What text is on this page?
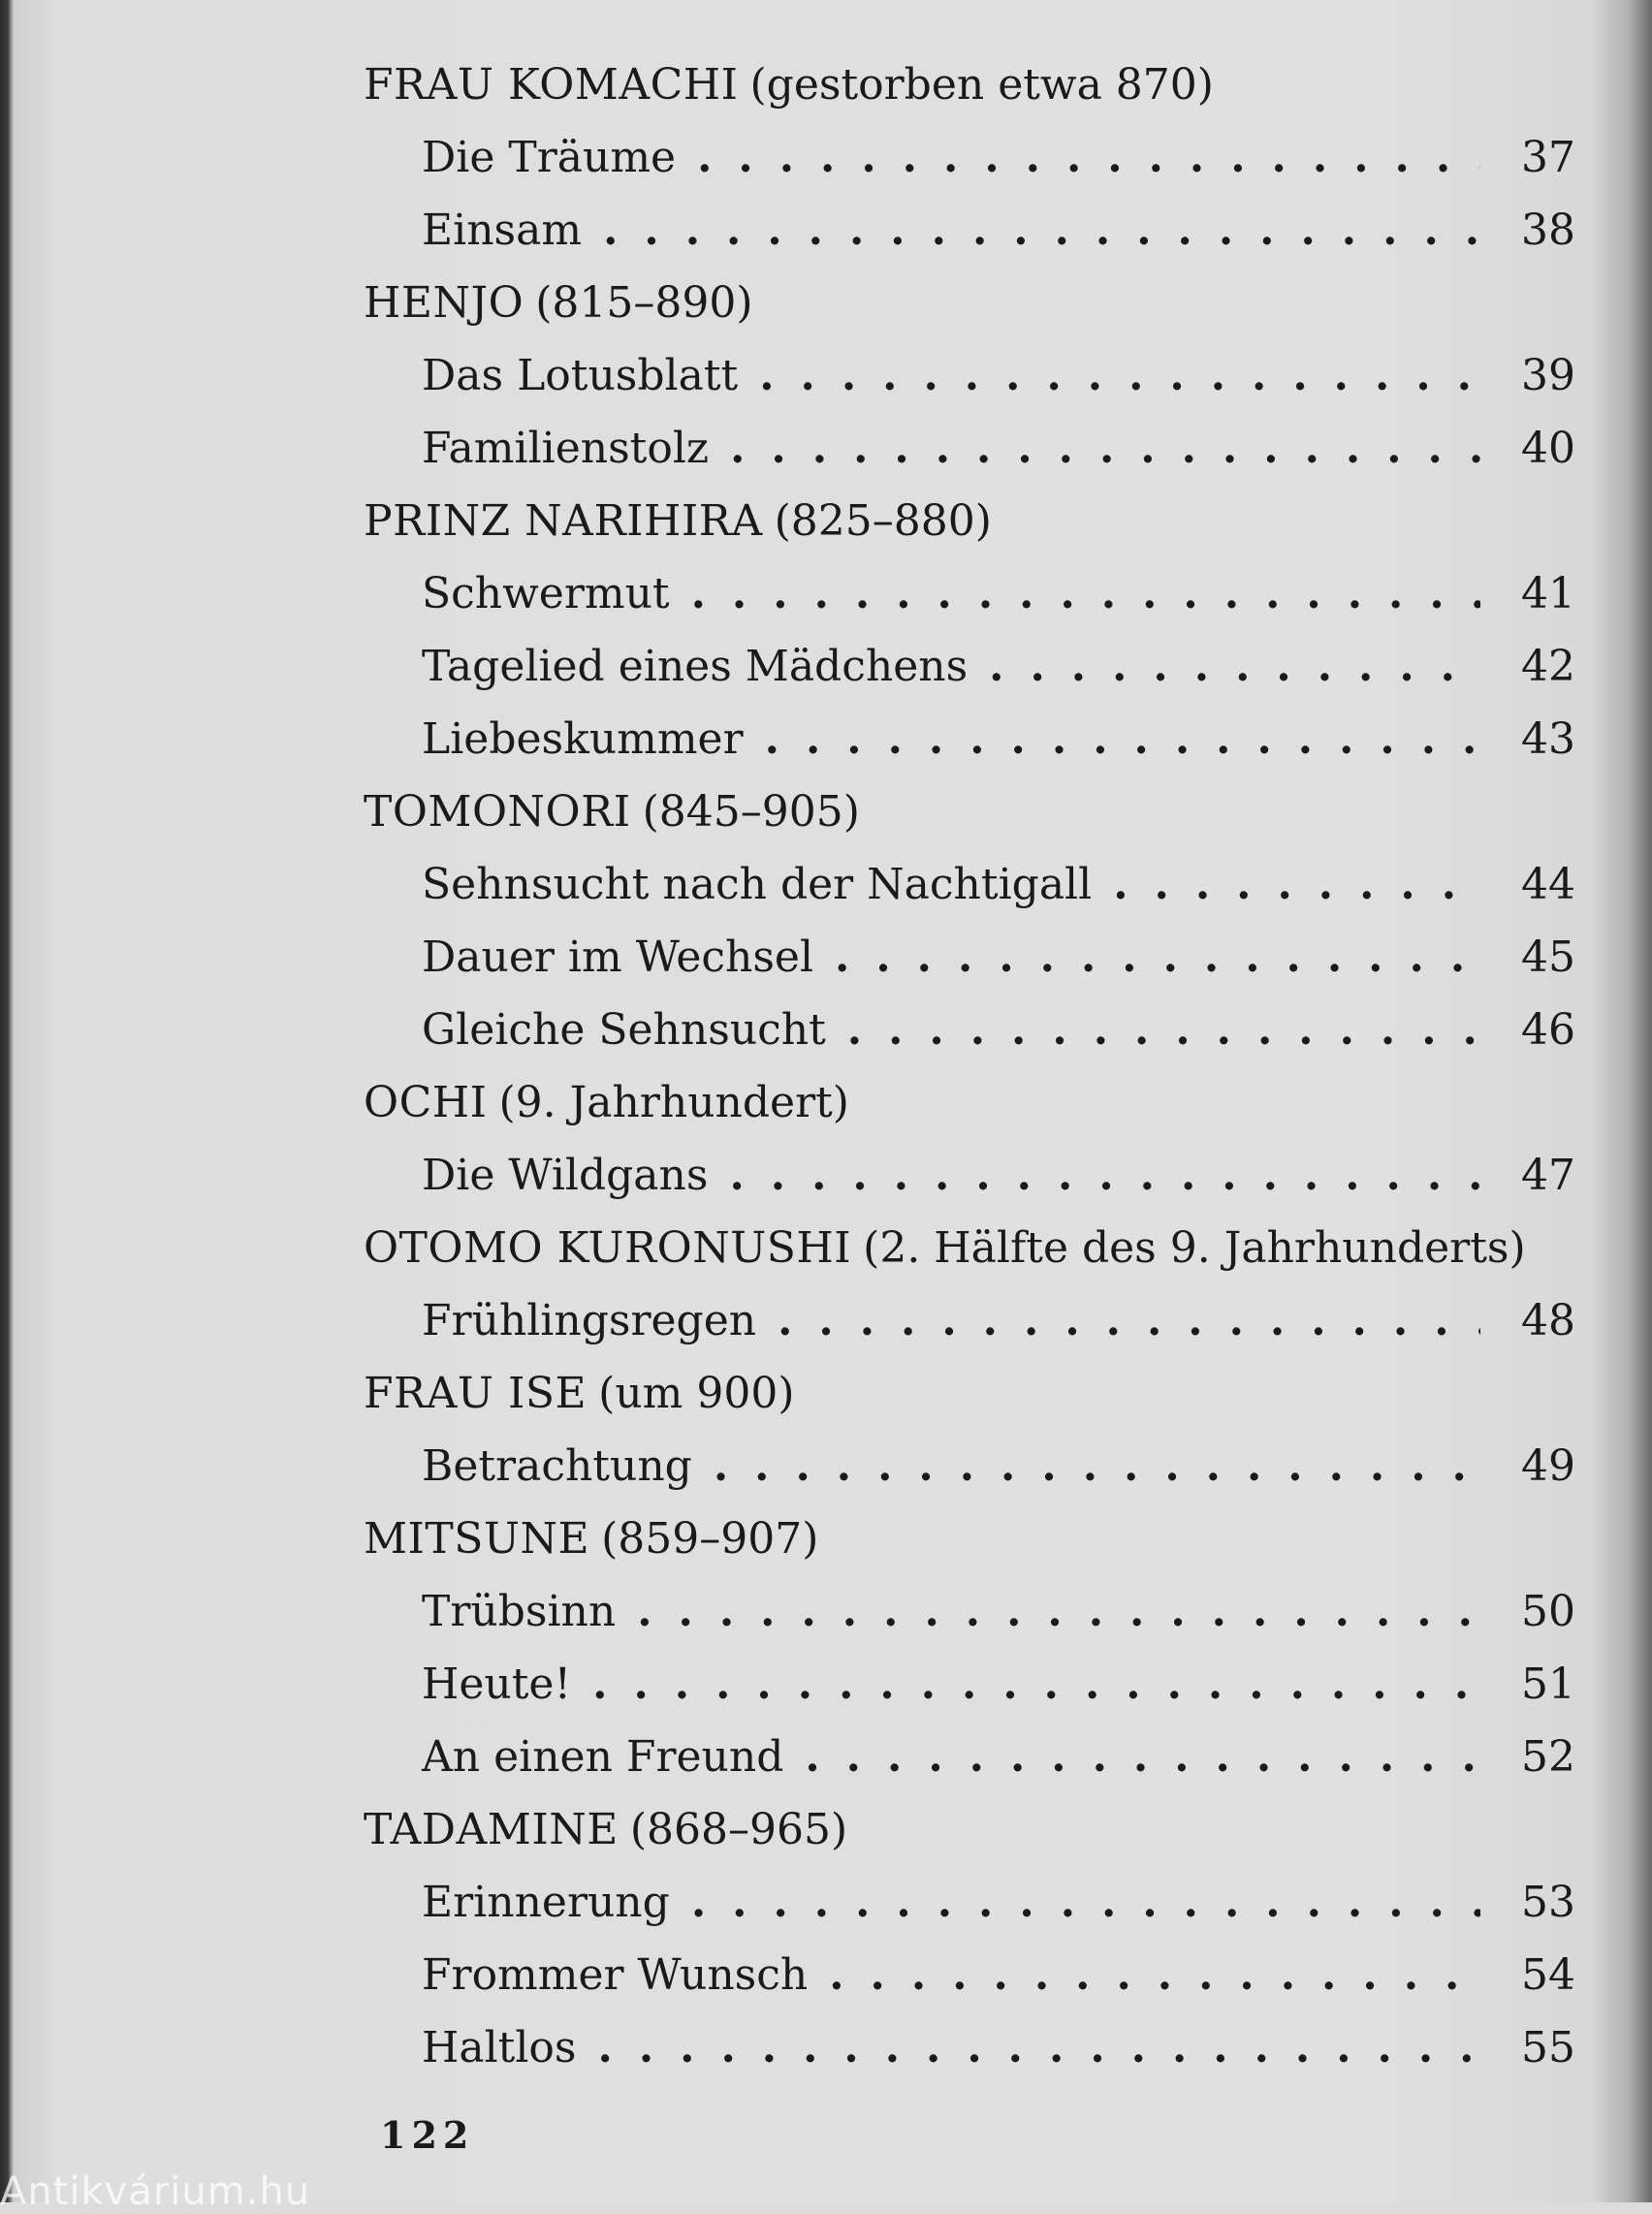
FRAU KOMACHI (gestorben etwa 870)
Die Träume .....	37
Einsam .....	38
HENJO (815–890)
Das Lotusblatt .....	39
Familienstolz .....	40
PRINZ NARIHIRA (825–880)
Schwermut .....	41
Tagelied eines Mädchens .....	42
Liebeskummer .....	43
TOMONORI (845–905)
Sehnsucht nach der Nachtigall .....	44
Dauer im Wechsel .....	45
Gleiche Sehnsucht .....	46
OCHI (9. Jahrhundert)
Die Wildgans .....	47
OTOMO KURONUSHI (2. Hälfte des 9. Jahrhunderts)
Frühlingsregen .....	48
FRAU ISE (um 900)
Betrachtung .....	49
MITSUNE (859–907)
Trübsinn .....	50
Heute! .....	51
An einen Freund .....	52
TADAMINE (868–965)
Erinnerung .....	53
Frommer Wunsch .....	54
Haltlos .....	55
122
Antikvárium.hu
